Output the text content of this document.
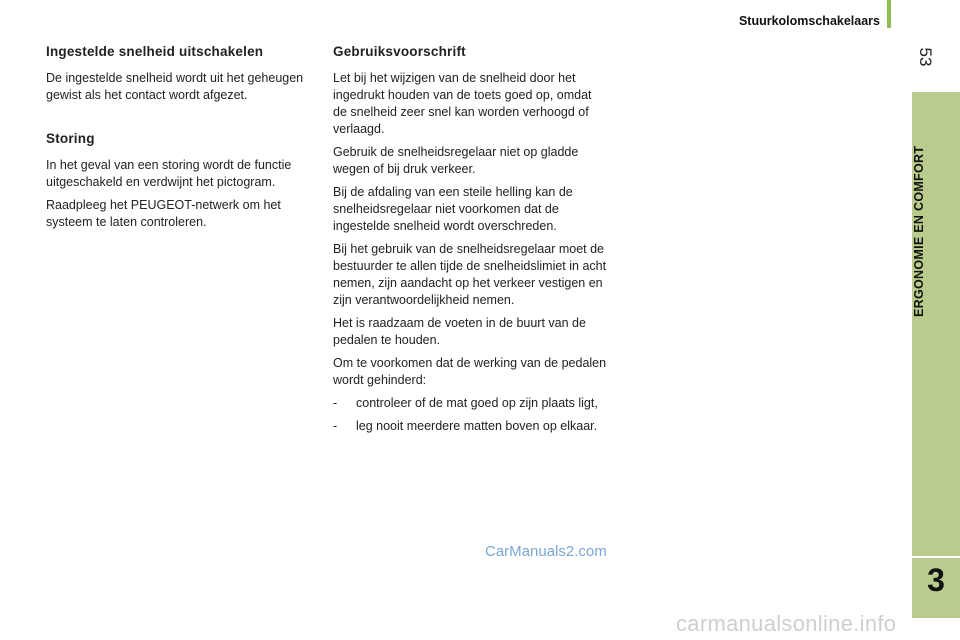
Stuurkolomschakelaars
53
ERGONOMIE EN COMFORT
3
Ingestelde snelheid uitschakelen

De ingestelde snelheid wordt uit het geheugen gewist als het contact wordt afgezet.

Storing

In het geval van een storing wordt de functie uitgeschakeld en verdwijnt het pictogram.

Raadpleeg het PEUGEOT-netwerk om het systeem te laten controleren.

Gebruiksvoorschrift

Let bij het wijzigen van de snelheid door het ingedrukt houden van de toets goed op, omdat de snelheid zeer snel kan worden verhoogd of verlaagd.

Gebruik de snelheidsregelaar niet op gladde wegen of bij druk verkeer.

Bij de afdaling van een steile helling kan de snelheidsregelaar niet voorkomen dat de ingestelde snelheid wordt overschreden.

Bij het gebruik van de snelheidsregelaar moet de bestuurder te allen tijde de snelheidslimiet in acht nemen, zijn aandacht op het verkeer vestigen en zijn verantwoordelijkheid nemen.

Het is raadzaam de voeten in de buurt van de pedalen te houden.

Om te voorkomen dat de werking van de pedalen wordt gehinderd:

-	controleer of de mat goed op zijn plaats ligt,
-	leg nooit meerdere matten boven op elkaar.
CarManuals2.com
carmanualsonline.info
